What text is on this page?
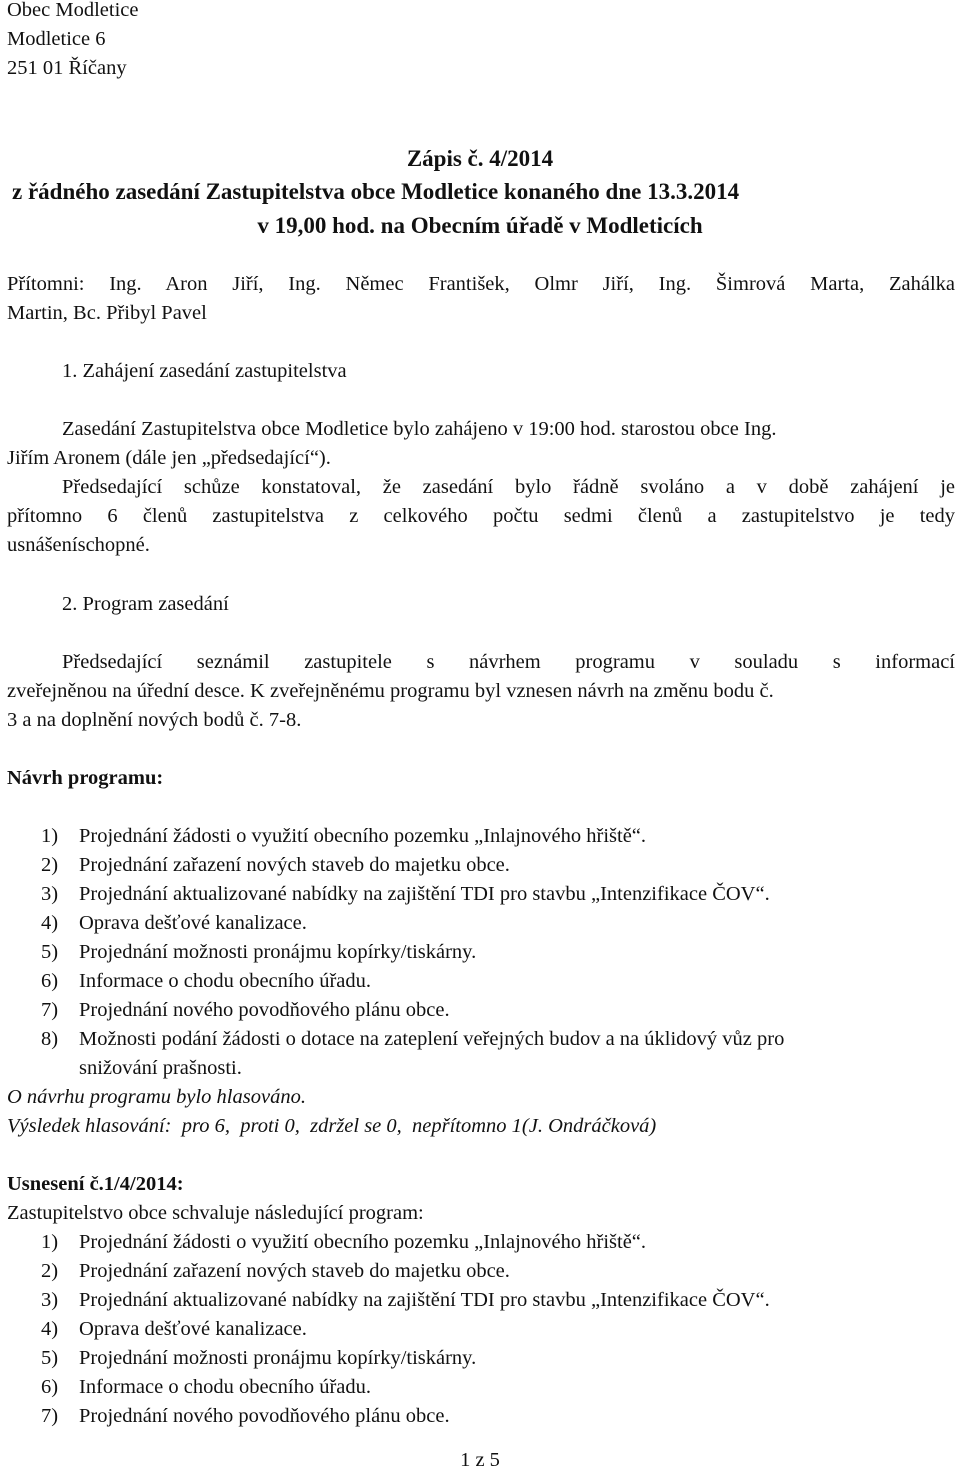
Obec Modletice
Modletice 6
251 01 Říčany
Zápis č. 4/2014
z řádného zasedání Zastupitelstva obce Modletice konaného dne 13.3.2014
v 19,00 hod. na Obecním úřadě v Modleticích
Přítomni: Ing. Aron Jiří, Ing. Němec František, Olmr Jiří, Ing. Šimrová Marta, Zahálka
Martin, Bc. Přibyl Pavel
1. Zahájení zasedání zastupitelstva
Zasedání Zastupitelstva obce Modletice bylo zahájeno v 19:00 hod. starostou obce Ing.
Jiřím Aronem (dále jen „předsedající“).
Předsedající schůze konstatoval, že zasedání bylo řádně svoláno a v době zahájení je
přítomno 6 členů zastupitelstva z celkového počtu sedmi členů a zastupitelstvo je tedy
usnášeníschopné.
2. Program zasedání
Předsedající seznámil zastupitele s návrhem programu v souladu s informací
zveřejněnou na úřední desce. K zveřejněnému programu byl vznesen návrh na změnu bodu č.
3 a na doplnění nových bodů č. 7-8.
Návrh programu:
1) Projednání žádosti o využití obecního pozemku „Inlajnového hřiště“.
2) Projednání zařazení nových staveb do majetku obce.
3) Projednání aktualizované nabídky na zajištění TDI pro stavbu „Intenzifikace ČOV“.
4) Oprava dešťové kanalizace.
5) Projednání možnosti pronájmu kopírky/tiskárny.
6) Informace o chodu obecního úřadu.
7) Projednání nového povodňového plánu obce.
8) Možnosti podání žádosti o dotace na zateplení veřejných budov a na úklidový vůz pro
snižování prašnosti.
O návrhu programu bylo hlasováno.
Výsledek hlasování:  pro 6,  proti 0,  zdržel se 0,  nepřítomno 1(J. Ondráčková)
Usnesení č.1/4/2014:
Zastupitelstvo obce schvaluje následující program:
1) Projednání žádosti o využití obecního pozemku „Inlajnového hřiště“.
2) Projednání zařazení nových staveb do majetku obce.
3) Projednání aktualizované nabídky na zajištění TDI pro stavbu „Intenzifikace ČOV“.
4) Oprava dešťové kanalizace.
5) Projednání možnosti pronájmu kopírky/tiskárny.
6) Informace o chodu obecního úřadu.
7) Projednání nového povodňového plánu obce.
1 z 5
